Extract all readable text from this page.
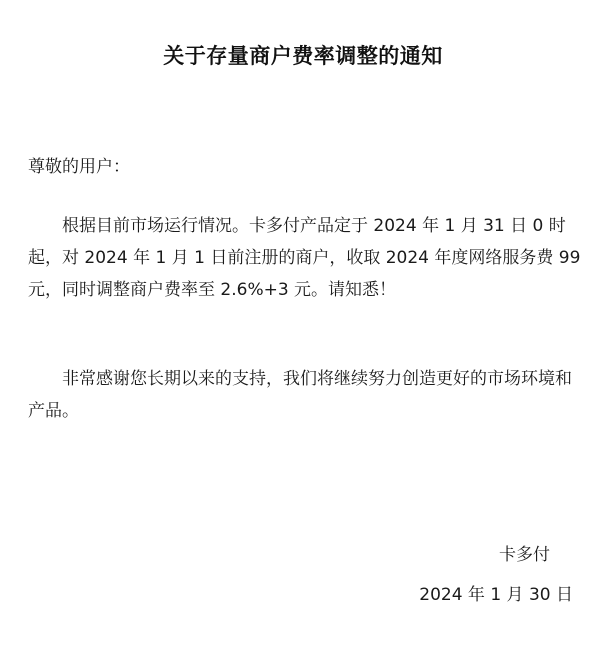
关于存量商户费率调整的通知
尊敬的用户：

根据目前市场运行情况。卡多付产品定于 2024 年 1 月 31 日 0 时起，对 2024 年 1 月 1 日前注册的商户，收取 2024 年度网络服务费 99 元，同时调整商户费率至 2.6%+3 元。请知悉！

非常感谢您长期以来的支持，我们将继续努力创造更好的市场环境和产品。

卡多付
2024 年 1 月 30 日
